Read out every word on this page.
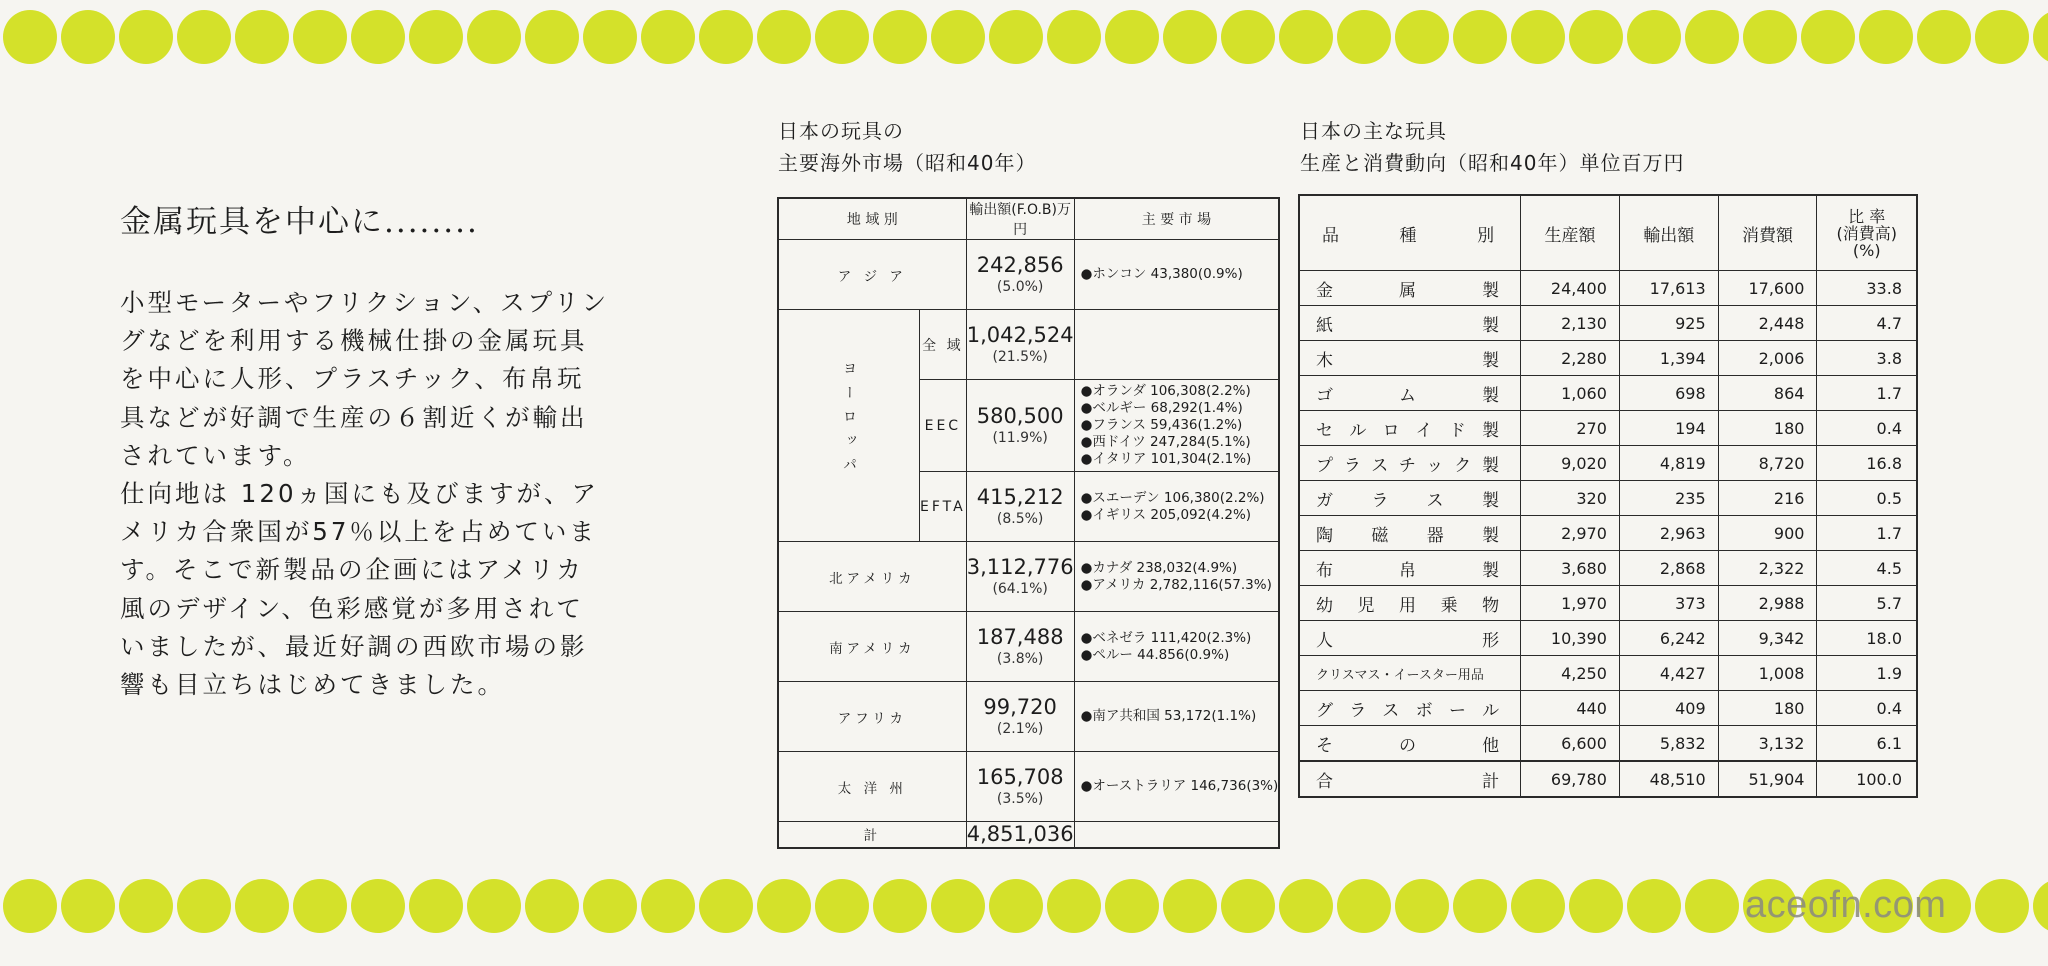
金属玩具を中心に........
小型モーターやフリクション、スプリングなどを利用する機械仕掛の金属玩具を中心に人形、プラスチック、布帛玩具などが好調で生産の６割近くが輸出されています。
仕向地は 120ヵ国にも及びますが、アメリカ合衆国が57％以上を占めています。そこで新製品の企画にはアメリカ風のデザイン、色彩感覚が多用されていましたが、最近好調の西欧市場の影響も目立ちはじめてきました。
日本の玩具の
主要海外市場（昭和40年）
地 域 別		輸出額(F.O.B)万円	主 要 市 場
ア ジ ア		242,856
(5.0%)	●ホンコン 43,380(0.9%)

ヨーロッパ	全 域	1,042,524
(21.5%)	

	EEC	580,500
(11.9%)	●オランダ 106,308(2.2%)
●ベルギー 68,292(1.4%)
●フランス 59,436(1.2%)
●西ドイツ 247,284(5.1%)
●イタリア 101,304(2.1%)

	EFTA	415,212
(8.5%)	●スエーデン 106,380(2.2%)
●イギリス 205,092(4.2%)

北アメリカ		3,112,776
(64.1%)	●カナダ 238,032(4.9%)
●アメリカ 2,782,116(57.3%)

南アメリカ		187,488
(3.8%)	●ベネゼラ 111,420(2.3%)
●ペルー 44.856(0.9%)

アフリカ		99,720
(2.1%)	●南ア共和国 53,172(1.1%)

太 洋 州		165,708
(3.5%)	●オーストラリア 146,736(3%)

計		4,851,036	

日本の主な玩具
生産と消費動向（昭和40年）単位百万円
品 種 別	生産額	輸出額	消費額	比 率
(消費高)
(%)

金属製	24,400	17,613	17,600	33.8
紙製	2,130	925	2,448	4.7
木製	2,280	1,394	2,006	3.8
ゴム製	1,060	698	864	1.7
セルロイド製	270	194	180	0.4
プラスチック製	9,020	4,819	8,720	16.8
ガラス製	320	235	216	0.5
陶磁器製	2,970	2,963	900	1.7
布帛製	3,680	2,868	2,322	4.5
幼児用乗物	1,970	373	2,988	5.7
人形	10,390	6,242	9,342	18.0
クリスマス・イースター用品	4,250	4,427	1,008	1.9
グラスボール	440	409	180	0.4
その他	6,600	5,832	3,132	6.1
合計	69,780	48,510	51,904	100.0
aceofn.com
